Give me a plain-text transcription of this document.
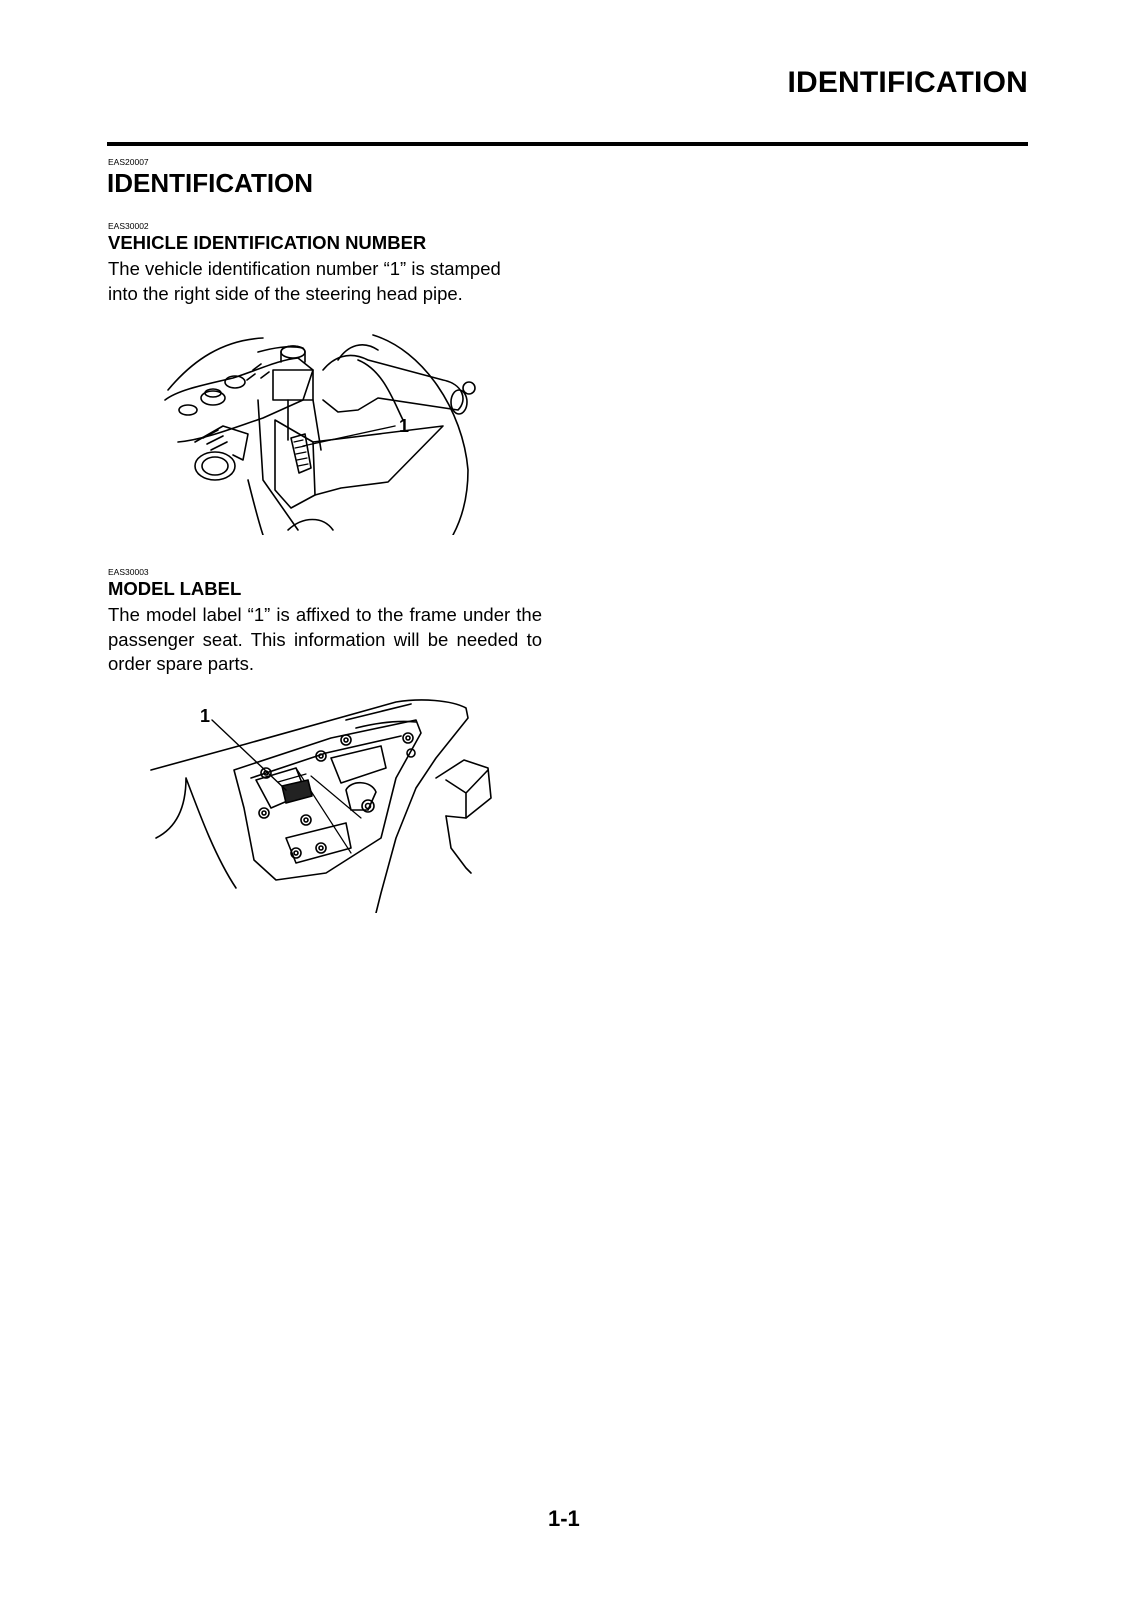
IDENTIFICATION
EAS20007
IDENTIFICATION
EAS30002
VEHICLE IDENTIFICATION NUMBER
The vehicle identification number “1” is stamped
into the right side of the steering head pipe.
1
EAS30003
MODEL LABEL
The model label “1” is affixed to the frame under the passenger seat. This information will be needed to order spare parts.
1
1-1
